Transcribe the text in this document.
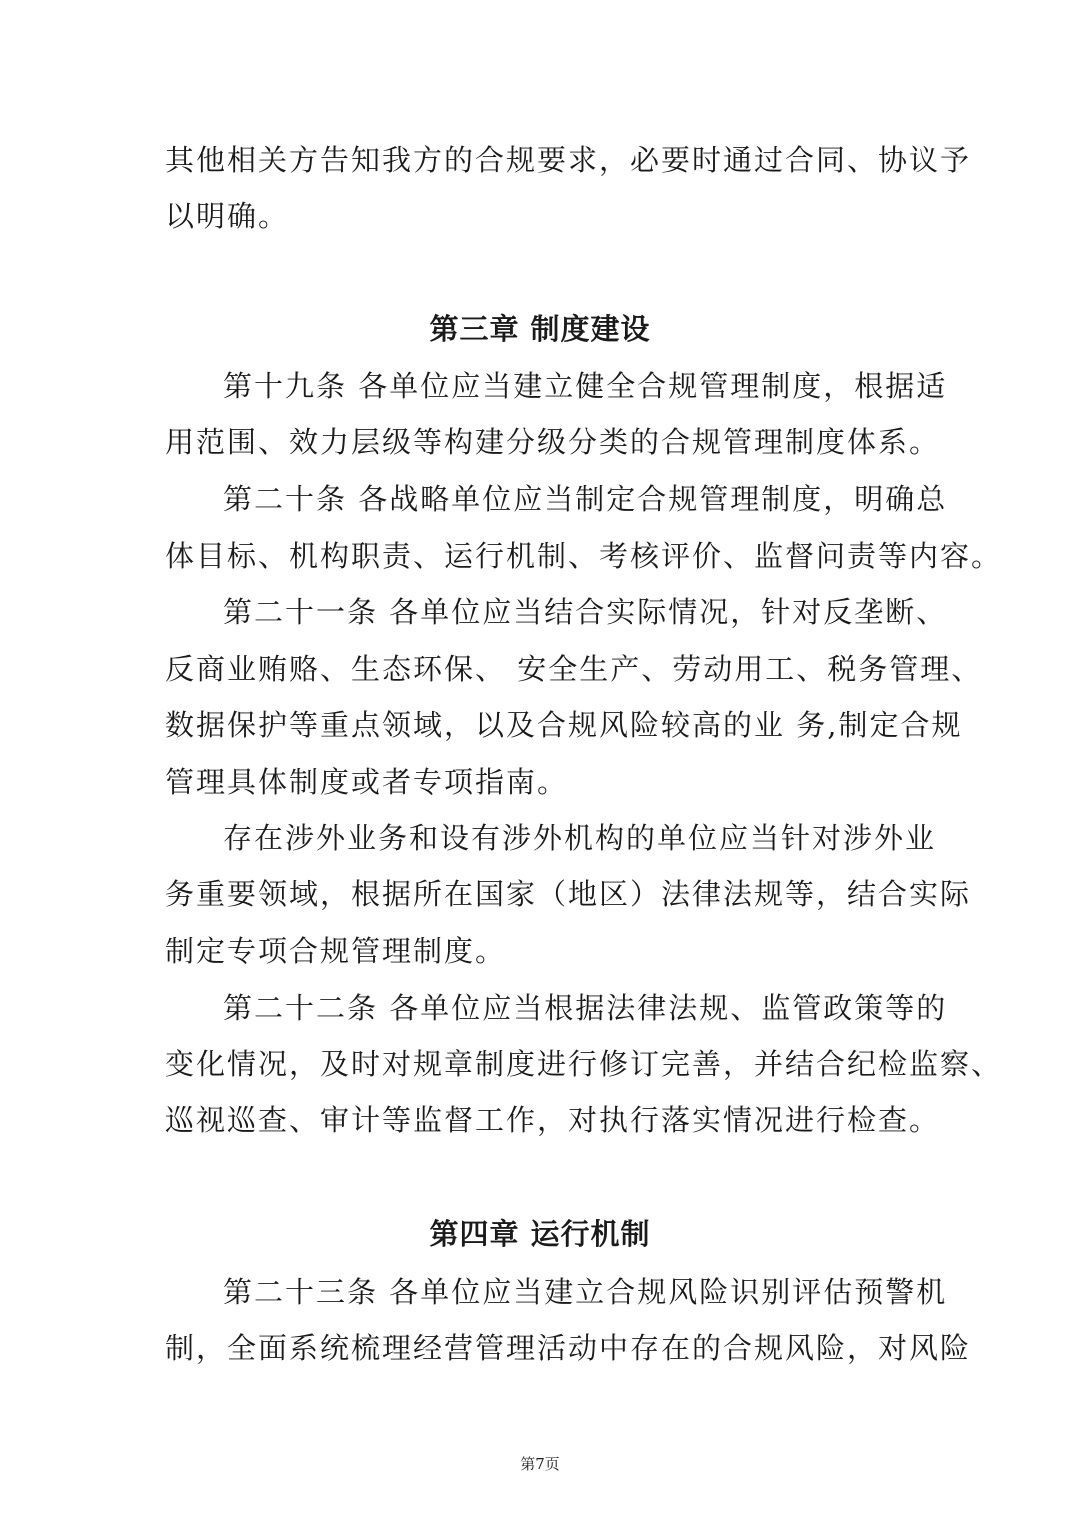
其他相关方告知我方的合规要求，必要时通过合同、协议予
以明确。
第三章 制度建设
第十九条 各单位应当建立健全合规管理制度，根据适
用范围、效力层级等构建分级分类的合规管理制度体系。
第二十条 各战略单位应当制定合规管理制度，明确总
体目标、机构职责、运行机制、考核评价、监督问责等内容。
第二十一条 各单位应当结合实际情况，针对反垄断、
反商业贿赂、生态环保、 安全生产、劳动用工、税务管理、
数据保护等重点领域，以及合规风险较高的业 务,制定合规
管理具体制度或者专项指南。
存在涉外业务和设有涉外机构的单位应当针对涉外业
务重要领域，根据所在国家（地区）法律法规等，结合实际
制定专项合规管理制度。
第二十二条 各单位应当根据法律法规、监管政策等的
变化情况，及时对规章制度进行修订完善，并结合纪检监察、
巡视巡查、审计等监督工作，对执行落实情况进行检查。
第四章 运行机制
第二十三条 各单位应当建立合规风险识别评估预警机
制，全面系统梳理经营管理活动中存在的合规风险，对风险
第7页
